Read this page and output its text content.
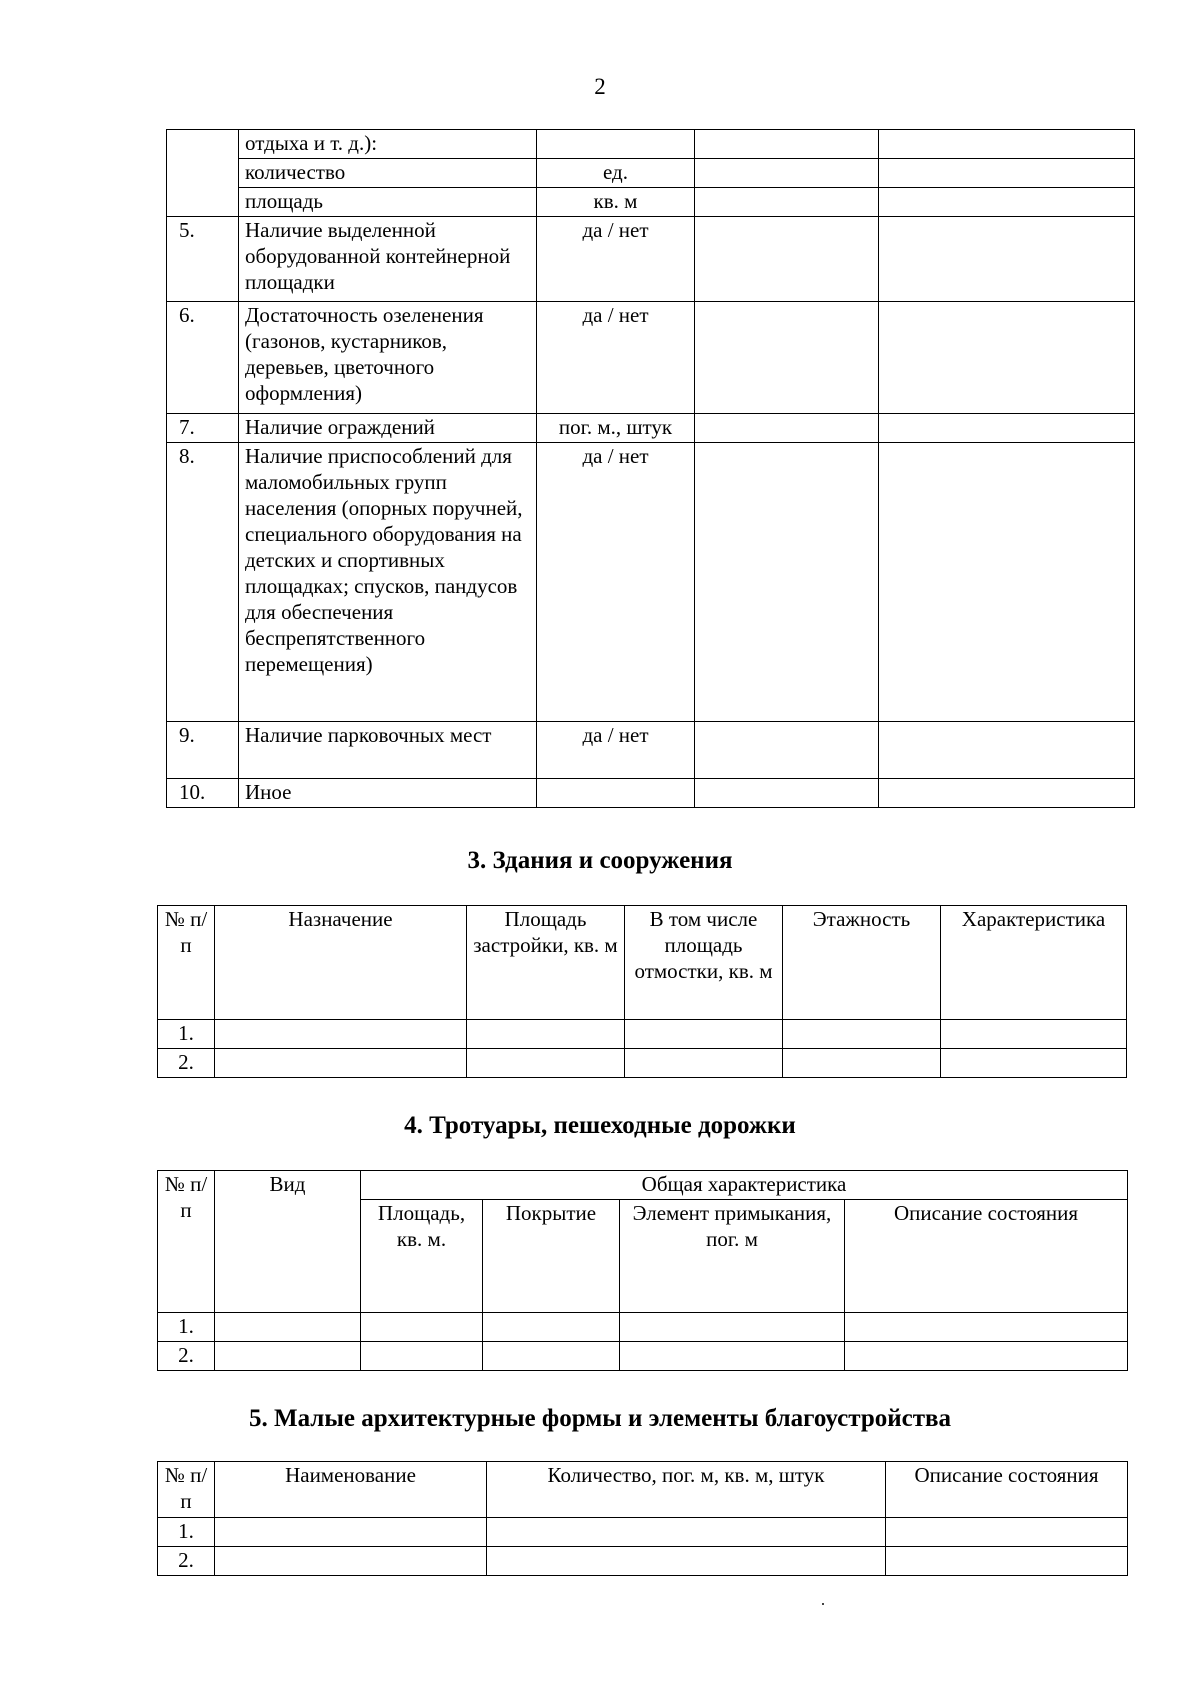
2
	отдыха и т. д.):			
	количество	ед.		
	площадь	кв. м		
5.	Наличие выделенной оборудованной контейнерной площадки	да / нет		
6.	Достаточность озеленения (газонов, кустарников, деревьев, цветочного оформления)	да / нет		
7.	Наличие ограждений	пог. м., штук		
8.	Наличие приспособлений для маломобильных групп населения (опорных поручней, специального оборудования на детских и спортивных площадках; спусков, пандусов для обеспечения беспрепятственного перемещения)	да / нет		
9.	Наличие парковочных мест	да / нет		
10.	Иное			
3. Здания и сооружения
№ п/п	Назначение	Площадь застройки, кв. м	В том числе площадь отмостки, кв. м	Этажность	Характеристика
1.					
2.					
4. Тротуары, пешеходные дорожки
№ п/п	Вид	Общая характеристика			
		Площадь, кв. м.	Покрытие	Элемент примыкания, пог. м	Описание состояния
1.					
2.					
5. Малые архитектурные формы и элементы благоустройства
№ п/п	Наименование	Количество, пог. м, кв. м, штук	Описание состояния
1.			
2.			
